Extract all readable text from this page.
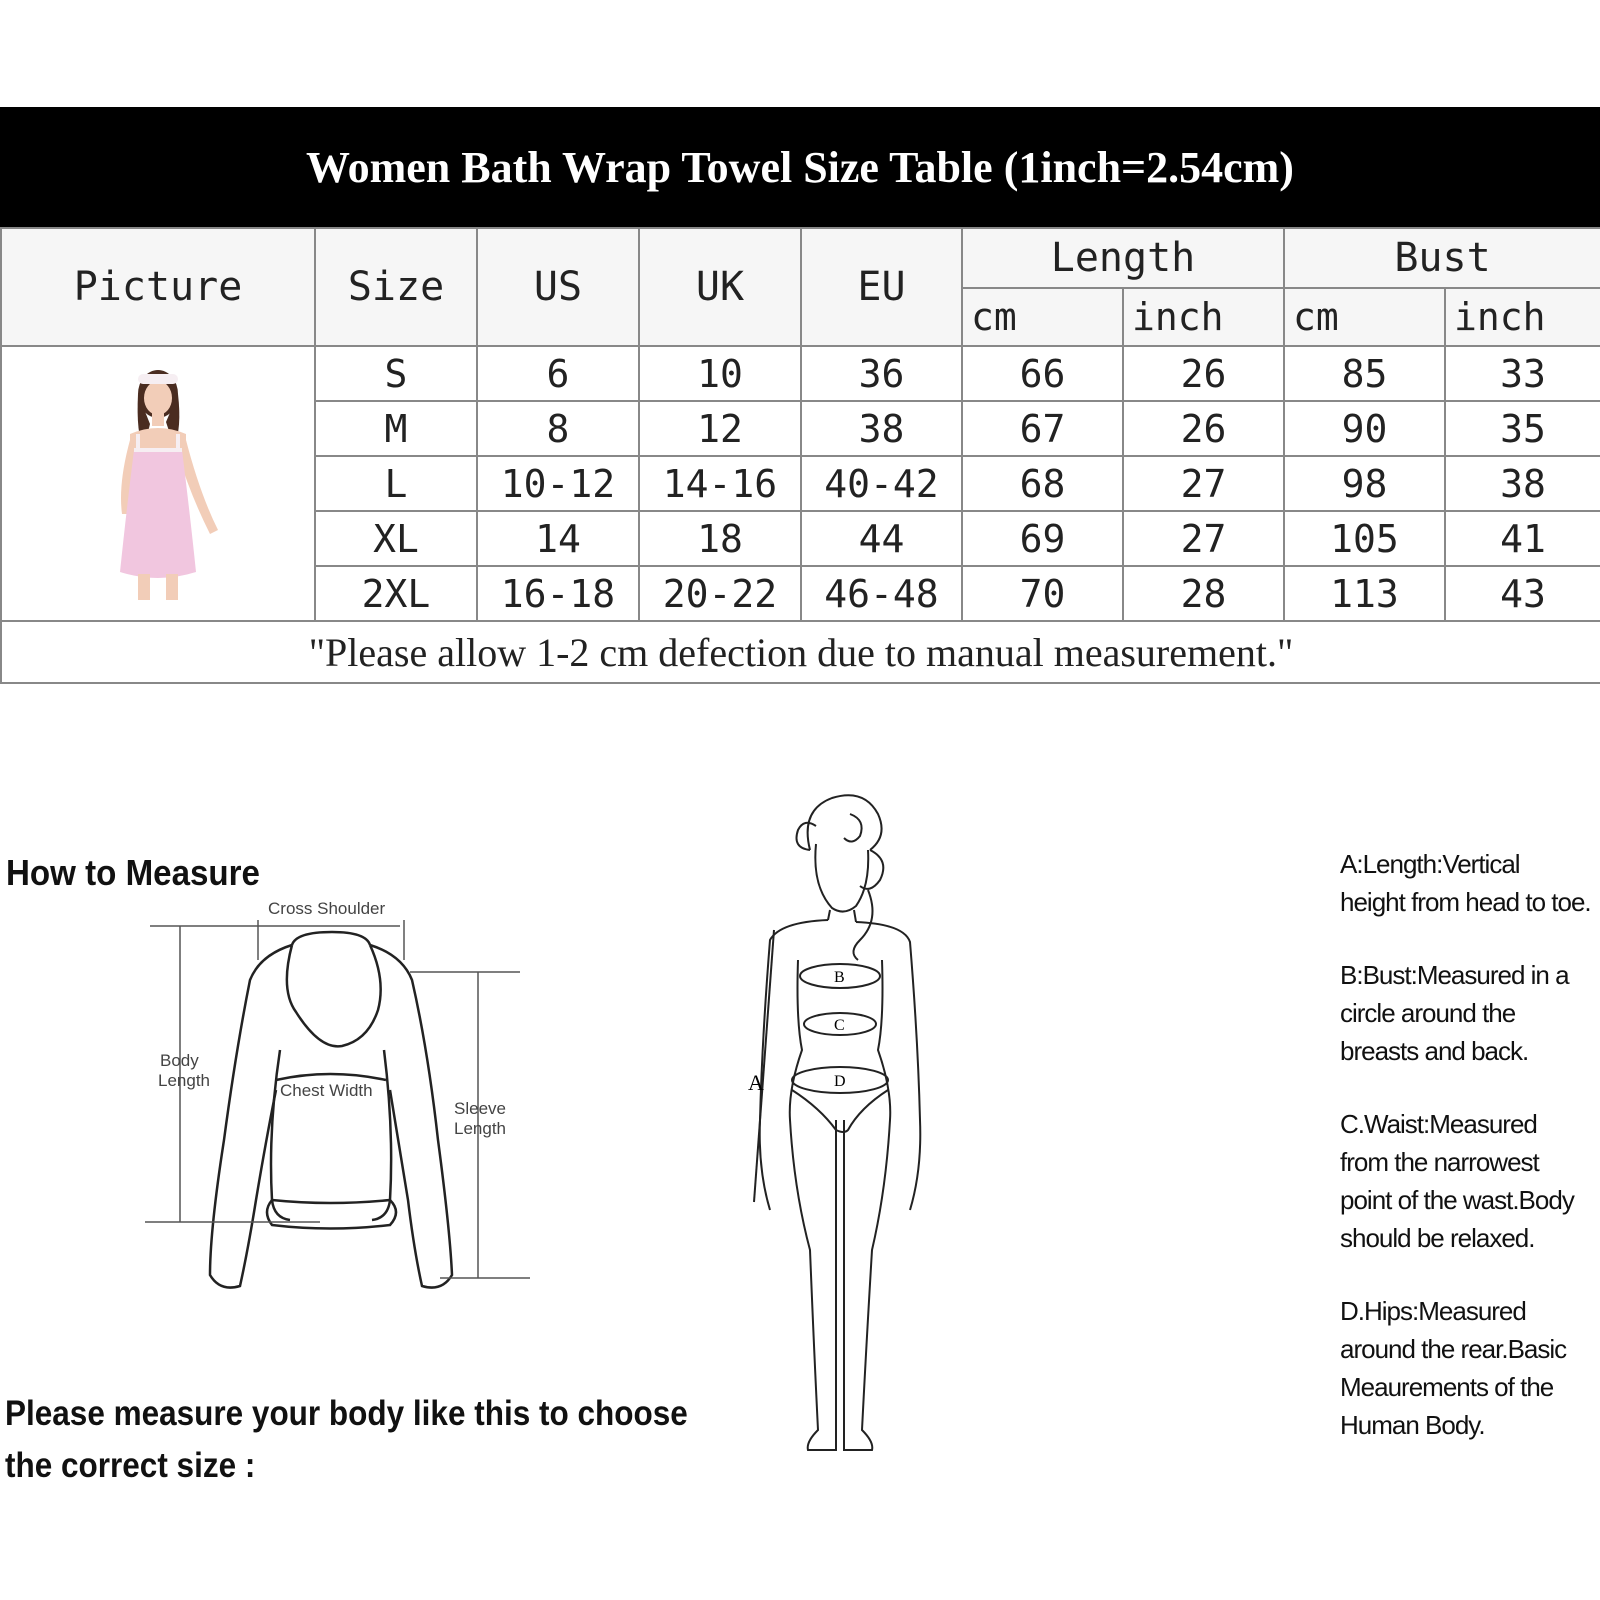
Women Bath Wrap Towel Size Table (1inch=2.54cm)
Picture	Size	US	UK	EU	Length		Bust	
					cm	inch	cm	inch
	S	6	10	36	66	26	85	33
	M	8	12	38	67	26	90	35
	L	10-12	14-16	40-42	68	27	98	38
	XL	14	18	44	69	27	105	41
	2XL	16-18	20-22	46-48	70	28	113	43
"Please allow 1-2 cm defection due to manual measurement."								
How to Measure
Cross Shoulder
Body
Length
Chest Width
Sleeve
Length
Please measure your body like this to choose
the correct size :
B
C
D
A

A:Length:Vertical
height from head to toe.

B:Bust:Measured in a
circle around the
breasts and back.

C.Waist:Measured
from the narrowest
point of the wast.Body
should be relaxed.

D.Hips:Measured
around the rear.Basic
Meaurements of the
Human Body.
